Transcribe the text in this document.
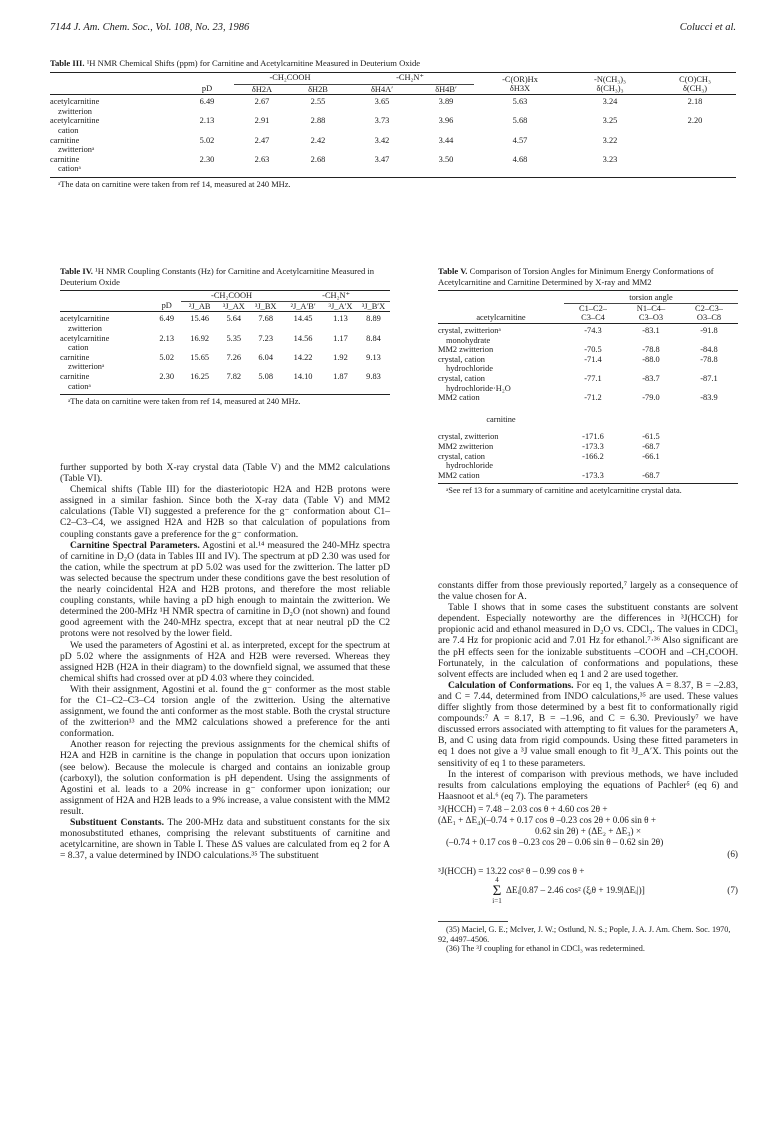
7144 J. Am. Chem. Soc., Vol. 108, No. 23, 1986	Colucci et al.
Table III. ¹H NMR Chemical Shifts (ppm) for Carnitine and Acetylcarnitine Measured in Deuterium Oxide
		-CH₂COOH		-CH₂N⁺		-C(OR)Hx	-N(CH₃)₃	C(O)CH₃
	pD	δH2A	δH2B	δH4A′	δH4B′	δH3X	δ(CH₃)₃	δ(CH₃)

acetylcarnitine
zwitterion	6.49	2.67	2.55	3.65	3.89	5.63	3.24	2.18

acetylcarnitine
cation	2.13	2.91	2.88	3.73	3.96	5.68	3.25	2.20

carnitine
zwitterionᵃ	5.02	2.47	2.42	3.42	3.44	4.57	3.22	

carnitine
cationᵃ	2.30	2.63	2.68	3.47	3.50	4.68	3.23	
ᵃThe data on carnitine were taken from ref 14, measured at 240 MHz.
Table IV. ¹H NMR Coupling Constants (Hz) for Carnitine and Acetylcarnitine Measured in Deuterium Oxide
		-CH₂COOH			-CH₂N⁺		
	pD	²J_AB	³J_AX	³J_BX	²J_A′B′	³J_A′X	³J_B′X

acetylcarnitine
zwitterion	6.49	15.46	5.64	7.68	14.45	1.13	8.89

acetylcarnitine
cation	2.13	16.92	5.35	7.23	14.56	1.17	8.84

carnitine
zwitterionᵃ	5.02	15.65	7.26	6.04	14.22	1.92	9.13

carnitine
cationᵃ	2.30	16.25	7.82	5.08	14.10	1.87	9.83
ᵃThe data on carnitine were taken from ref 14, measured at 240 MHz.
Table V. Comparison of Torsion Angles for Minimum Energy Conformations of Acetylcarnitine and Carnitine Determined by X-ray and MM2
	torsion angle		
	C1–C2–	N1–C4–	C2–C3–
acetylcarnitine	C3–C4	C3–O3	O3–C8

crystal, zwitterionᵃ
monohydrate	-74.3	-83.1	-91.8

MM2 zwitterion	-70.5	-78.8	-84.8

crystal, cation
hydrochloride	-71.4	-88.0	-78.8

crystal, cation
hydrochloride·H₂O	-77.1	-83.7	-87.1

MM2 cation	-71.2	-79.0	-83.9
carnitine			

crystal, zwitterion	-171.6	-61.5	

MM2 zwitterion	-173.3	-68.7	

crystal, cation
hydrochloride	-166.2	-66.1	

MM2 cation	-173.3	-68.7	
ᵃSee ref 13 for a summary of carnitine and acetylcarnitine crystal data.

further supported by both X-ray crystal data (Table V) and the MM2 calculations (Table VI).

Chemical shifts (Table III) for the diasteriotopic H2A and H2B protons were assigned in a similar fashion. Since both the X-ray data (Table V) and MM2 calculations (Table VI) suggested a preference for the g⁻ conformation about C1–C2–C3–C4, we assigned H2A and H2B so that calculation of populations from coupling constants gave a preference for the g⁻ conformation.

Carnitine Spectral Parameters. Agostini et al.¹⁴ measured the 240-MHz spectra of carnitine in D₂O (data in Tables III and IV). The spectrum at pD 2.30 was used for the cation, while the spectrum at pD 5.02 was used for the zwitterion. The latter pD was selected because the spectrum under these conditions gave the best resolution of the nearly coincidental H2A and H2B protons, and therefore the most reliable coupling constants, while having a pD high enough to maintain the zwitterion. We determined the 200-MHz ¹H NMR spectra of carnitine in D₂O (not shown) and found good agreement with the 240-MHz spectra, except that at near neutral pD the C2 protons were not resolved by the lower field.

We used the parameters of Agostini et al. as interpreted, except for the spectrum at pD 5.02 where the assignments of H2A and H2B were reversed. Whereas they assigned H2B (H2A in their diagram) to the downfield signal, we assumed that these chemical shifts had crossed over at pD 4.03 where they coincided.

With their assignment, Agostini et al. found the g⁻ conformer as the most stable for the C1–C2–C3–C4 torsion angle of the zwitterion. Using the alternative assignment, we found the anti conformer as the most stable. Both the crystal structure of the zwitterion¹³ and the MM2 calculations showed a preference for the anti conformation.

Another reason for rejecting the previous assignments for the chemical shifts of H2A and H2B in carnitine is the change in population that occurs upon ionization (see below). Because the molecule is charged and contains an ionizable group (carboxyl), the solution conformation is pH dependent. Using the assignments of Agostini et al. leads to a 20% increase in g⁻ conformer upon ionization; our assignment of H2A and H2B leads to a 9% increase, a value consistent with the MM2 result.

Substituent Constants. The 200-MHz data and substituent constants for the six monosubstituted ethanes, comprising the relevant substituents of carnitine and acetylcarnitine, are shown in Table I. These ΔS values are calculated from eq 2 for A = 8.37, a value determined by INDO calculations.³⁵ The substituent

constants differ from those previously reported,⁷ largely as a consequence of the value chosen for A.

Table I shows that in some cases the substituent constants are solvent dependent. Especially noteworthy are the differences in ³J(HCCH) for propionic acid and ethanol measured in D₂O vs. CDCl₃. The values in CDCl₃ are 7.4 Hz for propionic acid and 7.01 Hz for ethanol.⁷·³⁶ Also significant are the pH effects seen for the ionizable substituents –COOH and –CH₂COOH. Fortunately, in the calculation of conformations and populations, these solvent effects are included when eq 1 and 2 are used together.

Calculation of Conformations. For eq 1, the values A = 8.37, B = –2.83, and C = 7.44, determined from INDO calculations,³⁵ are used. These values differ slightly from those determined by a best fit to conformationally rigid compounds:⁷ A = 8.17, B = –1.96, and C = 6.30. Previously⁷ we have discussed errors associated with attempting to fit values for the parameters A, B, and C using data from rigid compounds. Using these fitted parameters in eq 1 does not give a ³J value small enough to fit ³J_A′X. This points out the sensitivity of eq 1 to these parameters.

In the interest of comparison with previous methods, we have included results from calculations employing the equations of Pachler⁵ (eq 6) and Haasnoot et al.⁶ (eq 7). The parameters

³J(HCCH) = 7.48 – 2.03 cos θ + 4.60 cos 2θ +
(ΔE₁ + ΔE₄)(–0.74 + 0.17 cos θ –0.23 cos 2θ + 0.06 sin θ +
0.62 sin 2θ) + (ΔE₂ + ΔE₃) ×
(–0.74 + 0.17 cos θ –0.23 cos 2θ – 0.06 sin θ – 0.62 sin 2θ)
(6)
³J(HCCH) = 13.22 cos² θ – 0.99 cos θ +
4
Σ
i=1
ΔEᵢ[0.87 – 2.46 cos² (ξᵢθ + 19.9|ΔEᵢ|)]	(7)

(35) Maciel, G. E.; McIver, J. W.; Ostlund, N. S.; Pople, J. A. J. Am. Chem. Soc. 1970, 92, 4497–4506.

(36) The ³J coupling for ethanol in CDCl₃ was redetermined.
